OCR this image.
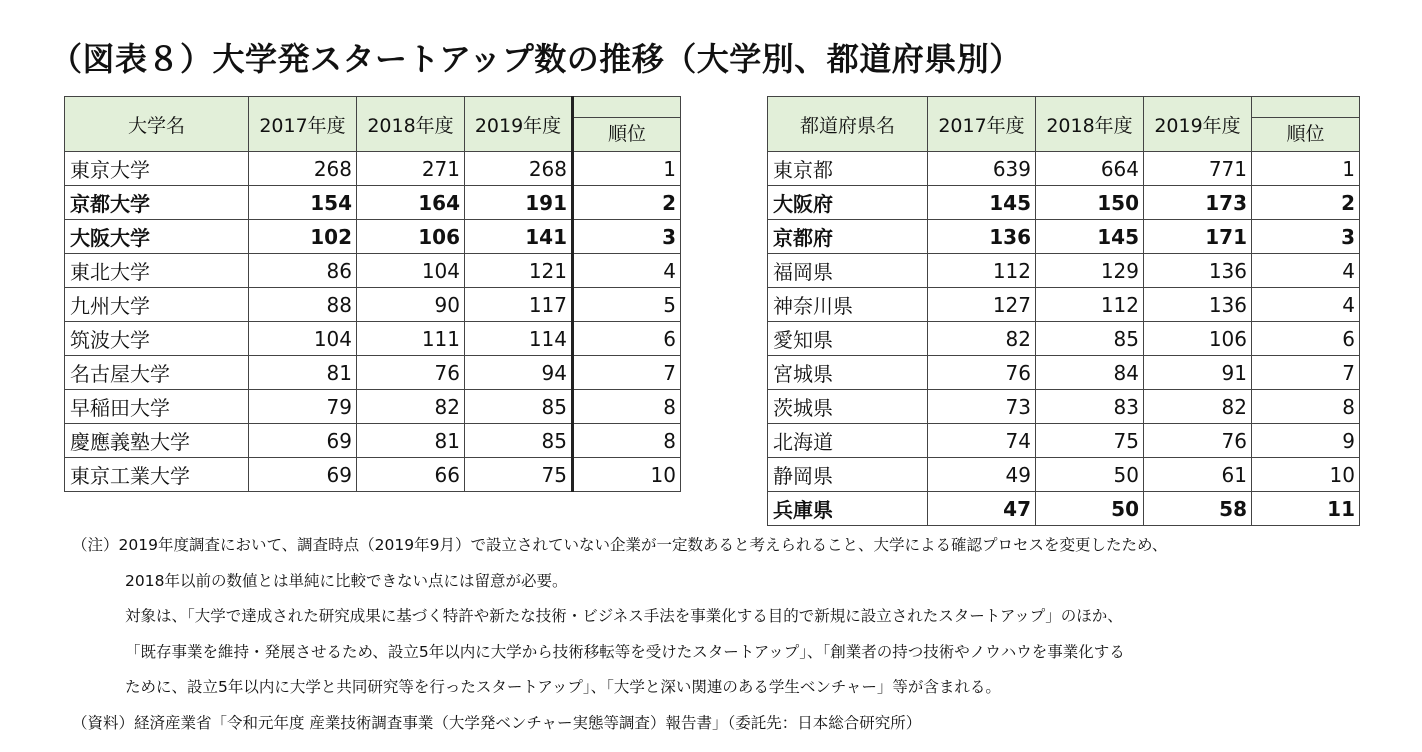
（図表８）大学発スタートアップ数の推移（大学別、都道府県別）
大学名	2017年度	2018年度	2019年度	順位

東京大学	268	271	268	1
京都大学	154	164	191	2
大阪大学	102	106	141	3
東北大学	86	104	121	4
九州大学	88	90	117	5
筑波大学	104	111	114	6
名古屋大学	81	76	94	7
早稲田大学	79	82	85	8
慶應義塾大学	69	81	85	8
東京工業大学	69	66	75	10
都道府県名	2017年度	2018年度	2019年度	順位

東京都	639	664	771	1
大阪府	145	150	173	2
京都府	136	145	171	3
福岡県	112	129	136	4
神奈川県	127	112	136	4
愛知県	82	85	106	6
宮城県	76	84	91	7
茨城県	73	83	82	8
北海道	74	75	76	9
静岡県	49	50	61	10
兵庫県	47	50	58	11
（注）2019年度調査において、調査時点（2019年9月）で設立されていない企業が一定数あると考えられること、大学による確認プロセスを変更したため、
2018年以前の数値とは単純に比較できない点には留意が必要。
対象は、「大学で達成された研究成果に基づく特許や新たな技術・ビジネス手法を事業化する目的で新規に設立されたスタートアップ」のほか、
「既存事業を維持・発展させるため、設立5年以内に大学から技術移転等を受けたスタートアップ」、「創業者の持つ技術やノウハウを事業化する
ために、設立5年以内に大学と共同研究等を行ったスタートアップ」、「大学と深い関連のある学生ベンチャー」等が含まれる。
（資料）経済産業省「令和元年度 産業技術調査事業（大学発ベンチャー実態等調査）報告書」（委託先：日本総合研究所）
